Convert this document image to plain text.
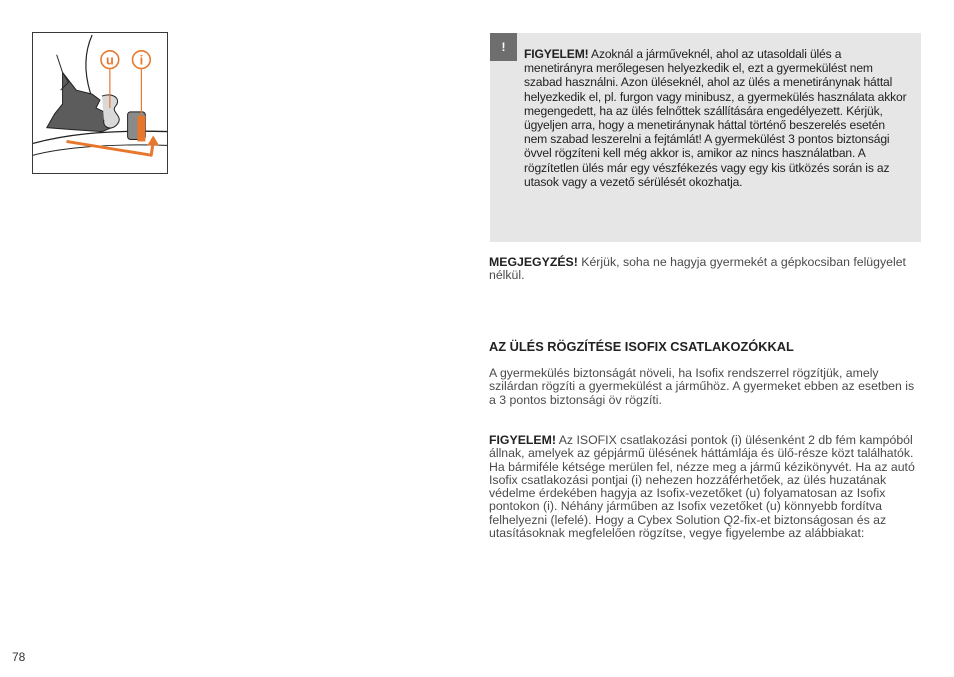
u i
!	FIGYELEM! Azoknál a járműveknél, ahol az utasoldali ülés a menetirányra merőlegesen helyezkedik el, ezt a gyermekülést nem szabad használni. Azon üléseknél, ahol az ülés a menetiránynak háttal helyezkedik el, pl. furgon vagy minibusz, a gyermekülés használata akkor megengedett, ha az ülés felnőttek szállítására engedélyezett. Kérjük, ügyeljen arra, hogy a menetiránynak háttal történő beszerelés esetén nem szabad leszerelni a fejtámlát! A gyermekülést 3 pontos biztonsági övvel rögzíteni kell még akkor is, amikor az nincs használatban. A rögzítetlen ülés már egy vészfékezés vagy egy kis ütközés során is az utasok vagy a vezető sérülését okozhatja.
MEGJEGYZÉS! Kérjük, soha ne hagyja gyermekét a gépkocsiban felügyelet nélkül.
AZ ÜLÉS RÖGZÍTÉSE ISOFIX CSATLAKOZÓKKAL
A gyermekülés biztonságát növeli, ha Isofix rendszerrel rögzítjük, amely szilárdan rögzíti a gyermekülést a járműhöz. A gyermeket ebben az esetben is a 3 pontos biztonsági öv rögzíti.
FIGYELEM! Az ISOFIX csatlakozási pontok (i) ülésenként 2 db fém kampóból állnak, amelyek az gépjármű ülésének háttámlája és ülő-része közt találhatók. Ha bármiféle kétsége merülen fel, nézze meg a jármű kézikönyvét. Ha az autó Isofix csatlakozási pontjai (i) nehezen hozzáférhetőek, az ülés huzatának védelme érdekében hagyja az Isofix-vezetőket (u) folyamatosan az Isofix pontokon (i). Néhány járműben az Isofix vezetőket (u) könnyebb fordítva felhelyezni (lefelé). Hogy a Cybex Solution Q2-fix-et biztonságosan és az utasításoknak megfelelően rögzítse, vegye figyelembe az alábbiakat:
78
